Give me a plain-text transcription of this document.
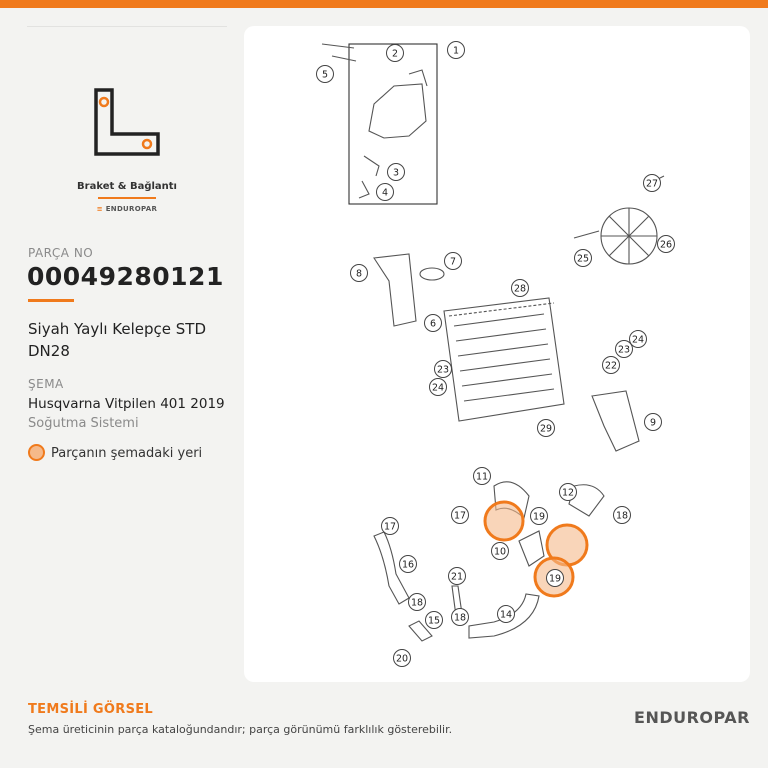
Braket & Bağlantı
≡ ENDUROPAR
PARÇA NO
00049280121
Siyah Yaylı Kelepçe STD DN28
ŞEMA
Husqvarna Vitpilen 401 2019
Soğutma Sistemi
Parçanın şemadaki yeri
1
2
3
4
5
6
7
8
9
10
11
12
14
15
16
17
17
18
18
18
19
19
20
21
22
23
23
24
24
25
26
27
28
29
TEMSİLİ GÖRSEL
Şema üreticinin parça kataloğundandır; parça görünümü farklılık gösterebilir.
ENDUROPAR
